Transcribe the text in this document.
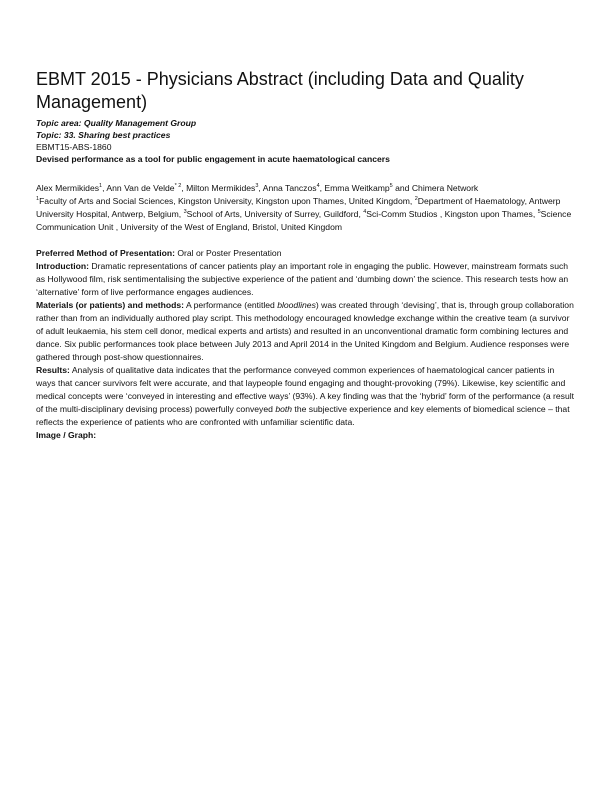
EBMT 2015 - Physicians Abstract (including Data and Quality Management)
Topic area: Quality Management Group
Topic: 33. Sharing best practices
EBMT15-ABS-1860
Devised performance as a tool for public engagement in acute haematological cancers
Alex Mermikides$^1$, Ann Van de Velde$^{* 2}$, Milton Mermikides$^3$, Anna Tanczos$^4$, Emma Weitkamp$^5$ and Chimera Network
$^1$Faculty of Arts and Social Sciences, Kingston University, Kingston upon Thames, United Kingdom, $^2$Department of Haematology, Antwerp University Hospital, Antwerp, Belgium, $^3$School of Arts, University of Surrey, Guildford, $^4$Sci-Comm Studios , Kingston upon Thames, $^5$Science Communication Unit , University of the West of England, Bristol, United Kingdom
Preferred Method of Presentation: Oral or Poster Presentation
Introduction: Dramatic representations of cancer patients play an important role in engaging the public. However, mainstream formats such as Hollywood film, risk sentimentalising the subjective experience of the patient and ‘dumbing down’ the science. This research tests how an ‘alternative’ form of live performance engages audiences.
Materials (or patients) and methods: A performance (entitled bloodlines) was created through ‘devising’, that is, through group collaboration rather than from an individually authored play script. This methodology encouraged knowledge exchange within the creative team (a survivor of adult leukaemia, his stem cell donor, medical experts and artists) and resulted in an unconventional dramatic form combining lectures and dance. Six public performances took place between July 2013 and April 2014 in the United Kingdom and Belgium. Audience responses were gathered through post-show questionnaires.
Results: Analysis of qualitative data indicates that the performance conveyed common experiences of haematological cancer patients in ways that cancer survivors felt were accurate, and that laypeople found engaging and thought-provoking (79%). Likewise, key scientific and medical concepts were ‘conveyed in interesting and effective ways’ (93%). A key finding was that the ‘hybrid’ form of the performance (a result of the multi-disciplinary devising process) powerfully conveyed both the subjective experience and key elements of biomedical science – that reflects the experience of patients who are confronted with unfamiliar scientific data.
Image / Graph:
